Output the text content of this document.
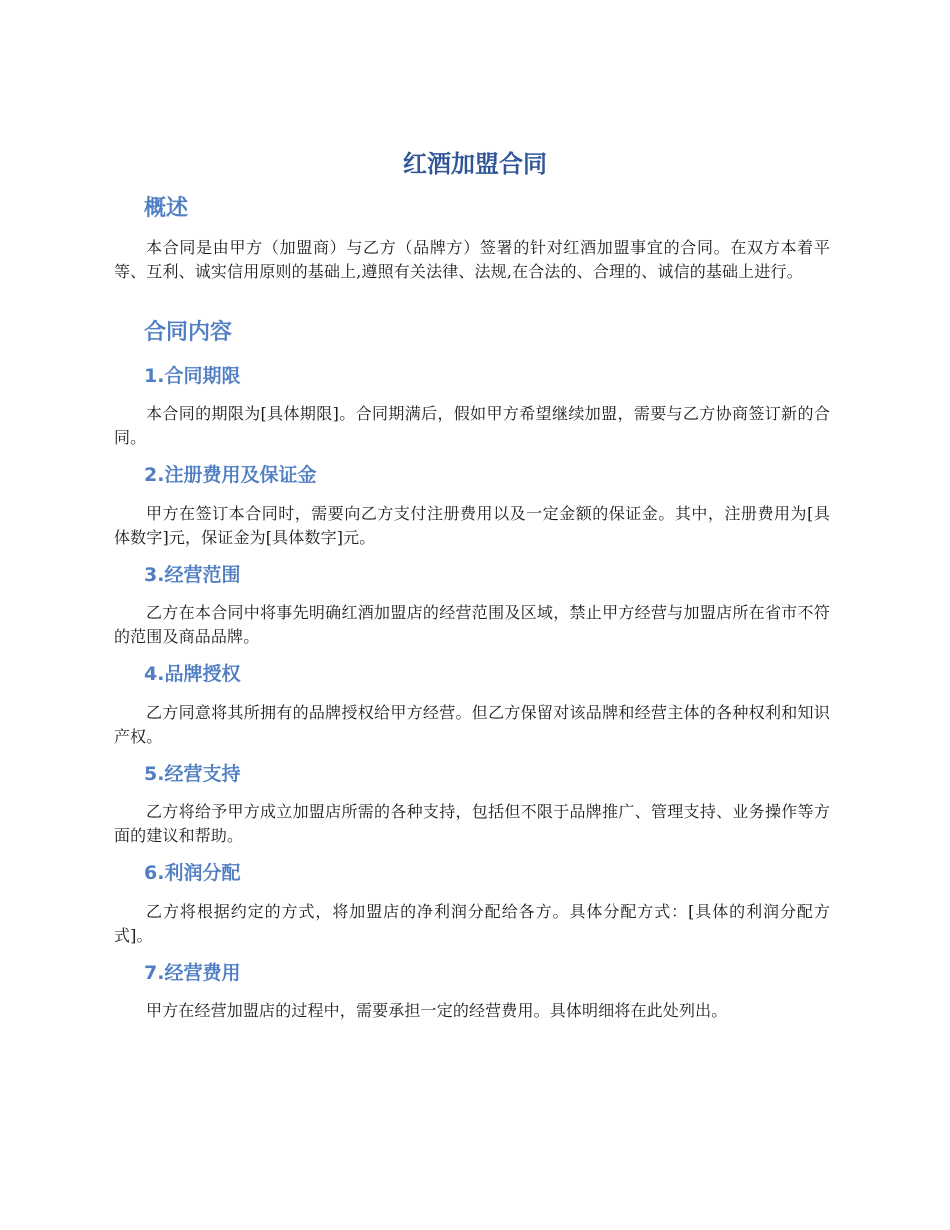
红酒加盟合同
概述

本合同是由甲方（加盟商）与乙方（品牌方）签署的针对红酒加盟事宜的合同。在双方本着平等、互利、诚实信用原则的基础上,遵照有关法律、法规,在合法的、合理的、诚信的基础上进行。

合同内容
1.合同期限

本合同的期限为[具体期限]。合同期满后，假如甲方希望继续加盟，需要与乙方协商签订新的合同。

2.注册费用及保证金

甲方在签订本合同时，需要向乙方支付注册费用以及一定金额的保证金。其中，注册费用为[具体数字]元，保证金为[具体数字]元。

3.经营范围

乙方在本合同中将事先明确红酒加盟店的经营范围及区域，禁止甲方经营与加盟店所在省市不符的范围及商品品牌。

4.品牌授权

乙方同意将其所拥有的品牌授权给甲方经营。但乙方保留对该品牌和经营主体的各种权利和知识产权。

5.经营支持

乙方将给予甲方成立加盟店所需的各种支持，包括但不限于品牌推广、管理支持、业务操作等方面的建议和帮助。

6.利润分配

乙方将根据约定的方式，将加盟店的净利润分配给各方。具体分配方式：[具体的利润分配方式]。

7.经营费用

甲方在经营加盟店的过程中，需要承担一定的经营费用。具体明细将在此处列出。
